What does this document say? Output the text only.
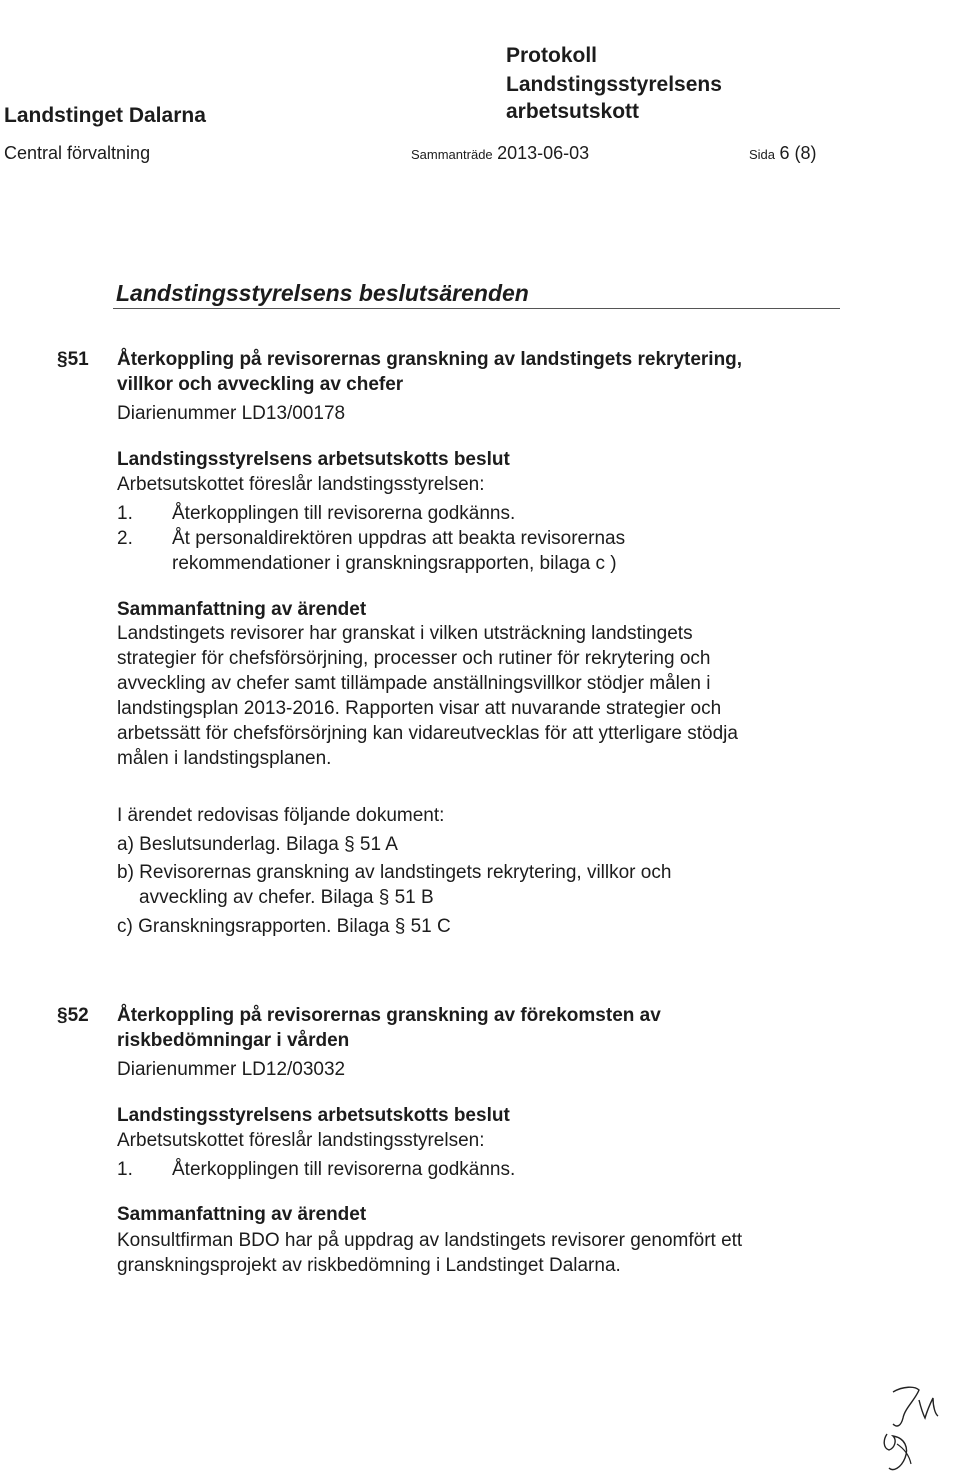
Landstinget Dalarna
Central förvaltning
Protokoll
Landstingsstyrelsens
arbetsutskott
Sammanträde 2013-06-03	Sida 6 (8)
Landstingsstyrelsens beslutsärenden
§51 Återkoppling på revisorernas granskning av landstingets rekrytering,
villkor och avveckling av chefer
Diarienummer LD13/00178
Landstingsstyrelsens arbetsutskotts beslut
Arbetsutskottet föreslår landstingsstyrelsen:
1. Återkopplingen till revisorerna godkänns.
2. Åt personaldirektören uppdras att beakta revisorernas
rekommendationer i granskningsrapporten, bilaga c )
Sammanfattning av ärendet
Landstingets revisorer har granskat i vilken utsträckning landstingets
strategier för chefsförsörjning, processer och rutiner för rekrytering och
avveckling av chefer samt tillämpade anställningsvillkor stödjer målen i
landstingsplan 2013-2016. Rapporten visar att nuvarande strategier och
arbetssätt för chefsförsörjning kan vidareutvecklas för att ytterligare stödja
målen i landstingsplanen.
I ärendet redovisas följande dokument:
a) Beslutsunderlag. Bilaga § 51 A
b) Revisorernas granskning av landstingets rekrytering, villkor och
avveckling av chefer. Bilaga § 51 B
c) Granskningsrapporten. Bilaga § 51 C
§52 Återkoppling på revisorernas granskning av förekomsten av
riskbedömningar i vården
Diarienummer LD12/03032
Landstingsstyrelsens arbetsutskotts beslut
Arbetsutskottet föreslår landstingsstyrelsen:
1. Återkopplingen till revisorerna godkänns.
Sammanfattning av ärendet
Konsultfirman BDO har på uppdrag av landstingets revisorer genomfört ett
granskningsprojekt av riskbedömning i Landstinget Dalarna.
